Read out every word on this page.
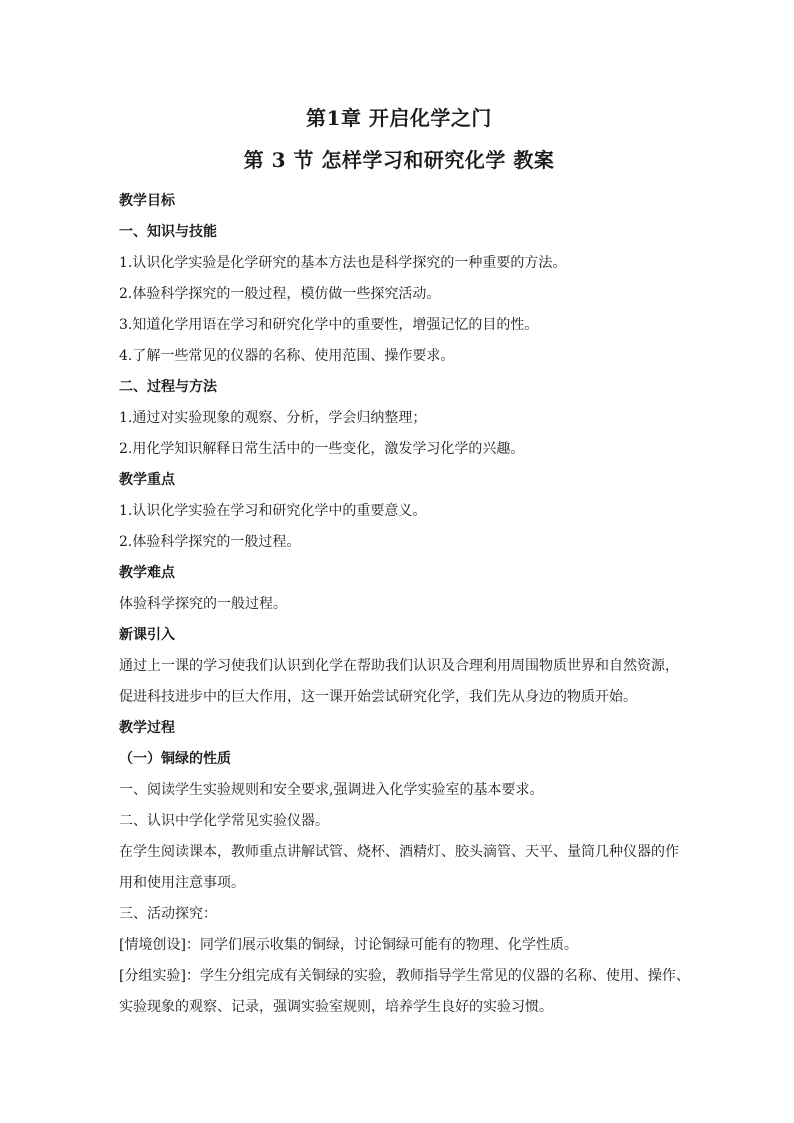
第1章 开启化学之门
第 3 节 怎样学习和研究化学 教案
教学目标
一、知识与技能
1.认识化学实验是化学研究的基本方法也是科学探究的一种重要的方法。
2.体验科学探究的一般过程，模仿做一些探究活动。
3.知道化学用语在学习和研究化学中的重要性，增强记忆的目的性。
4.了解一些常见的仪器的名称、使用范围、操作要求。
二、过程与方法
1.通过对实验现象的观察、分析，学会归纳整理；
2.用化学知识解释日常生活中的一些变化，激发学习化学的兴趣。
教学重点
1.认识化学实验在学习和研究化学中的重要意义。
2.体验科学探究的一般过程。
教学难点
体验科学探究的一般过程。
新课引入
通过上一课的学习使我们认识到化学在帮助我们认识及合理利用周围物质世界和自然资源，
促进科技进步中的巨大作用，这一课开始尝试研究化学，我们先从身边的物质开始。
教学过程
（一）铜绿的性质
一、阅读学生实验规则和安全要求,强调进入化学实验室的基本要求。
二、认识中学化学常见实验仪器。
在学生阅读课本，教师重点讲解试管、烧杯、酒精灯、胶头滴管、天平、量筒几种仪器的作
用和使用注意事项。
三、活动探究：
[情境创设]：同学们展示收集的铜绿，讨论铜绿可能有的物理、化学性质。
[分组实验]：学生分组完成有关铜绿的实验，教师指导学生常见的仪器的名称、使用、操作、
实验现象的观察、记录，强调实验室规则，培养学生良好的实验习惯。
